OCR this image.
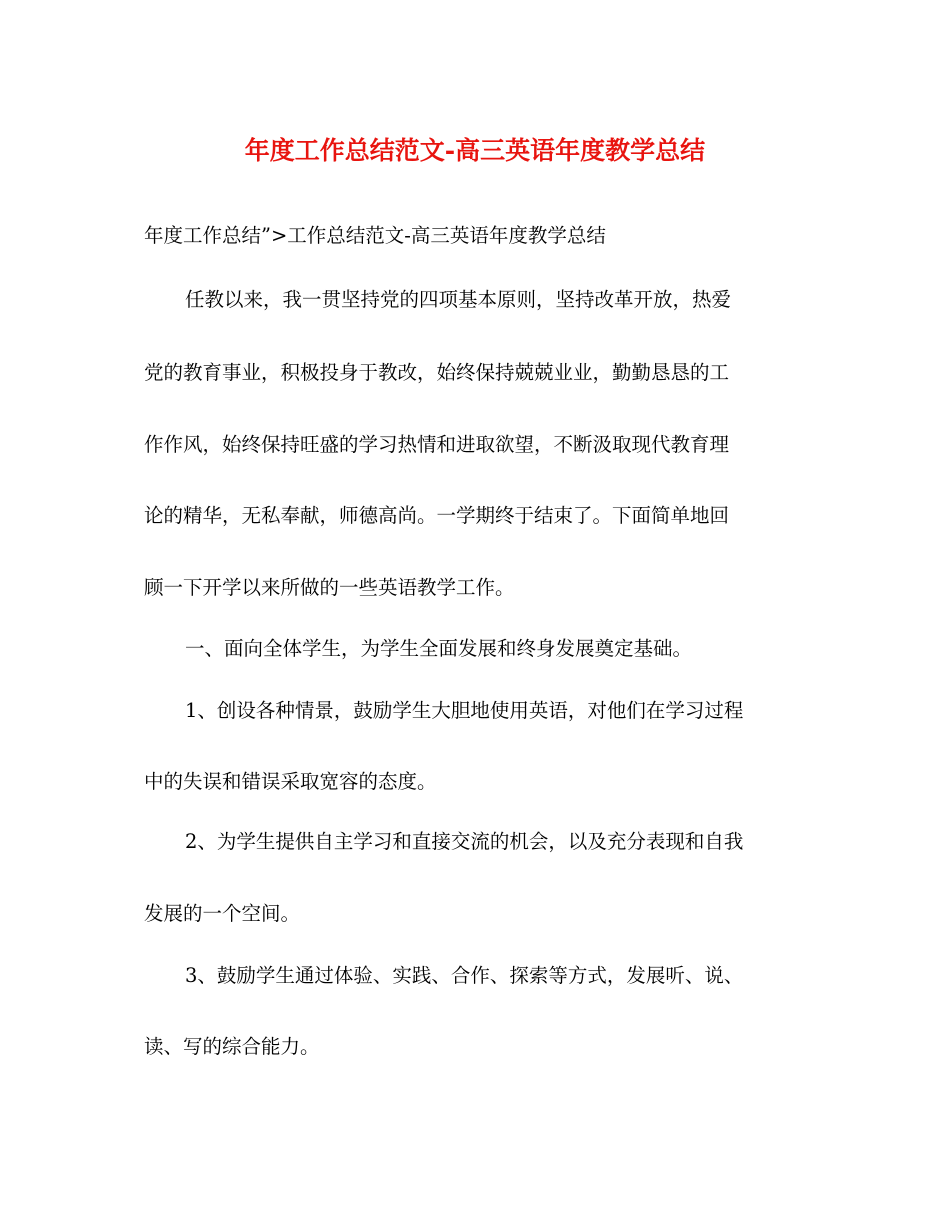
年度工作总结范文-高三英语年度教学总结
年度工作总结”>工作总结范文-高三英语年度教学总结
任教以来，我一贯坚持党的四项基本原则，坚持改革开放，热爱
党的教育事业，积极投身于教改，始终保持兢兢业业，勤勤恳恳的工
作作风，始终保持旺盛的学习热情和进取欲望，不断汲取现代教育理
论的精华，无私奉献，师德高尚。一学期终于结束了。下面简单地回
顾一下开学以来所做的一些英语教学工作。
一、面向全体学生，为学生全面发展和终身发展奠定基础。
1、创设各种情景，鼓励学生大胆地使用英语，对他们在学习过程
中的失误和错误采取宽容的态度。
2、为学生提供自主学习和直接交流的机会，以及充分表现和自我
发展的一个空间。
3、鼓励学生通过体验、实践、合作、探索等方式，发展听、说、
读、写的综合能力。
